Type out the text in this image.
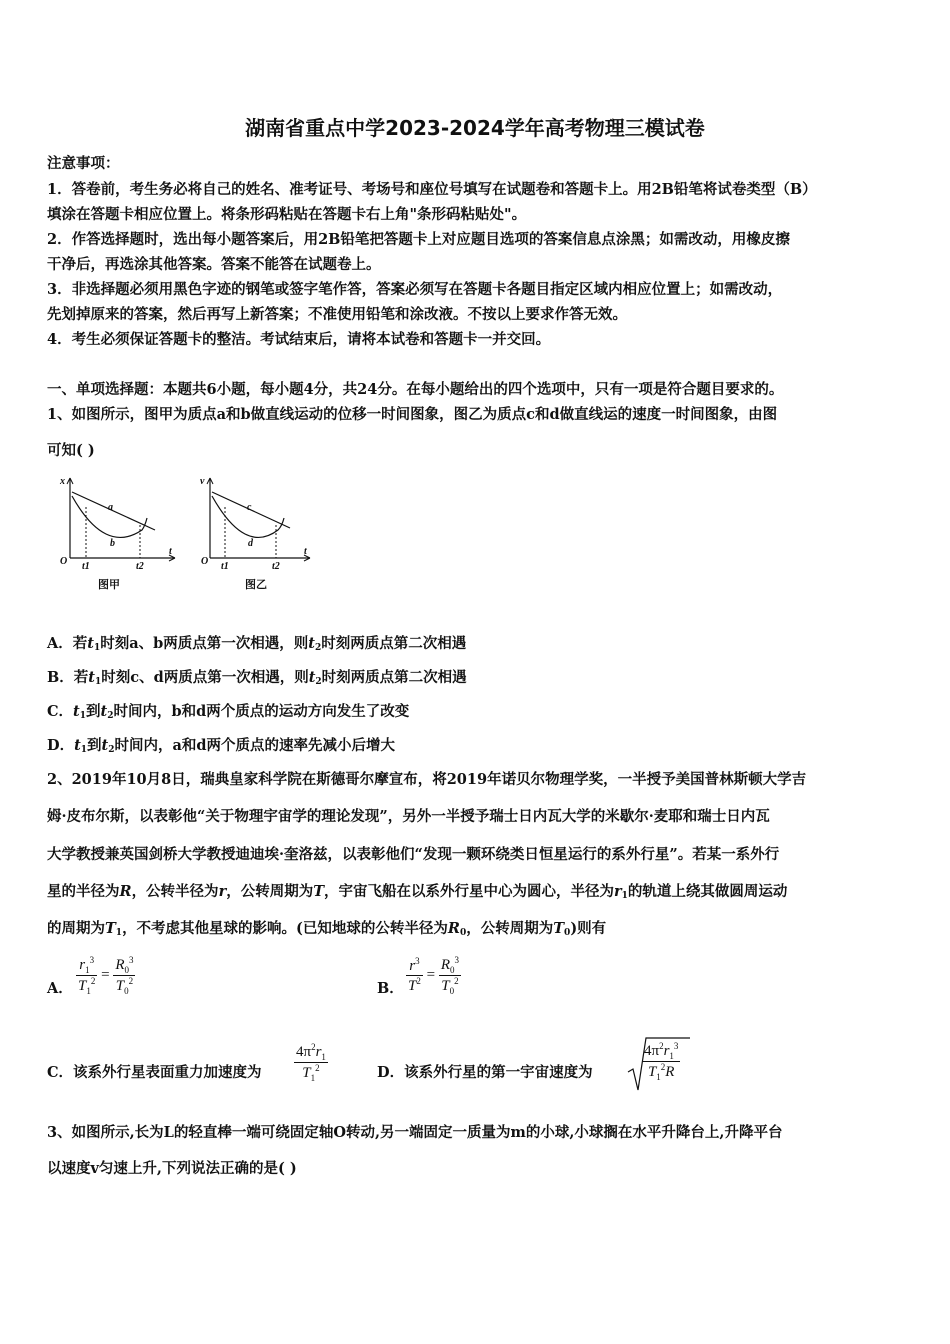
湖南省重点中学2023-2024学年高考物理三模试卷
注意事项：
1．答卷前，考生务必将自己的姓名、准考证号、考场号和座位号填写在试题卷和答题卡上。用2B铅笔将试卷类型（B）
填涂在答题卡相应位置上。将条形码粘贴在答题卡右上角"条形码粘贴处"。
2．作答选择题时，选出每小题答案后，用2B铅笔把答题卡上对应题目选项的答案信息点涂黑；如需改动，用橡皮擦
干净后，再选涂其他答案。答案不能答在试题卷上。
3．非选择题必须用黑色字迹的钢笔或签字笔作答，答案必须写在答题卡各题目指定区域内相应位置上；如需改动，
先划掉原来的答案，然后再写上新答案；不准使用铅笔和涂改液。不按以上要求作答无效。
4．考生必须保证答题卡的整洁。考试结束后，请将本试卷和答题卡一并交回。
一、单项选择题：本题共6小题，每小题4分，共24分。在每小题给出的四个选项中，只有一项是符合题目要求的。
1、如图所示，图甲为质点a和b做直线运动的位移一时间图象，图乙为质点c和d做直线运的速度一时间图象，由图
可知( )
x
O
t
a
b
t1	t2
图甲
v
O
t
c
d
t1	t2
图乙
A．若$t_1$时刻a、b两质点第一次相遇，则$t_2$时刻两质点第二次相遇
B．若$t_1$时刻c、d两质点第一次相遇，则$t_2$时刻两质点第二次相遇
C．$t_1$到$t_2$时间内，b和d两个质点的运动方向发生了改变
D．$t_1$到$t_2$时间内，a和d两个质点的速率先减小后增大
2、2019年10月8日，瑞典皇家科学院在斯德哥尔摩宣布，将2019年诺贝尔物理学奖，一半授予美国普林斯顿大学吉
姆·皮布尔斯，以表彰他“关于物理宇宙学的理论发现”，另外一半授予瑞士日内瓦大学的米歇尔·麦耶和瑞士日内瓦
大学教授兼英国剑桥大学教授迪迪埃·奎洛兹，以表彰他们“发现一颗环绕类日恒星运行的系外行星”。若某一系外行
星的半径为R，公转半径为r，公转周期为T，宇宙飞船在以系外行星中心为圆心，半径为$r_1$的轨道上绕其做圆周运动
的周期为$T_1$，不考虑其他星球的影响。(已知地球的公转半径为$R_0$，公转周期为$T_0$)则有
A． $\frac{r_1^3}{T_1^2} = \frac{R_0^3}{T_0^2}$	B． $\frac{r^3}{T^2} = \frac{R_0^3}{T_0^2}$
C．该系外行星表面重力加速度为 $\frac{4\pi^2r_1}{T_1^2}$	D．该系外行星的第一宇宙速度为	$\frac{4\pi^2r_1^3}{T_1^2R}$
3、如图所示,长为L的轻直棒一端可绕固定轴O转动,另一端固定一质量为m的小球,小球搁在水平升降台上,升降平台
以速度v匀速上升,下列说法正确的是( )
